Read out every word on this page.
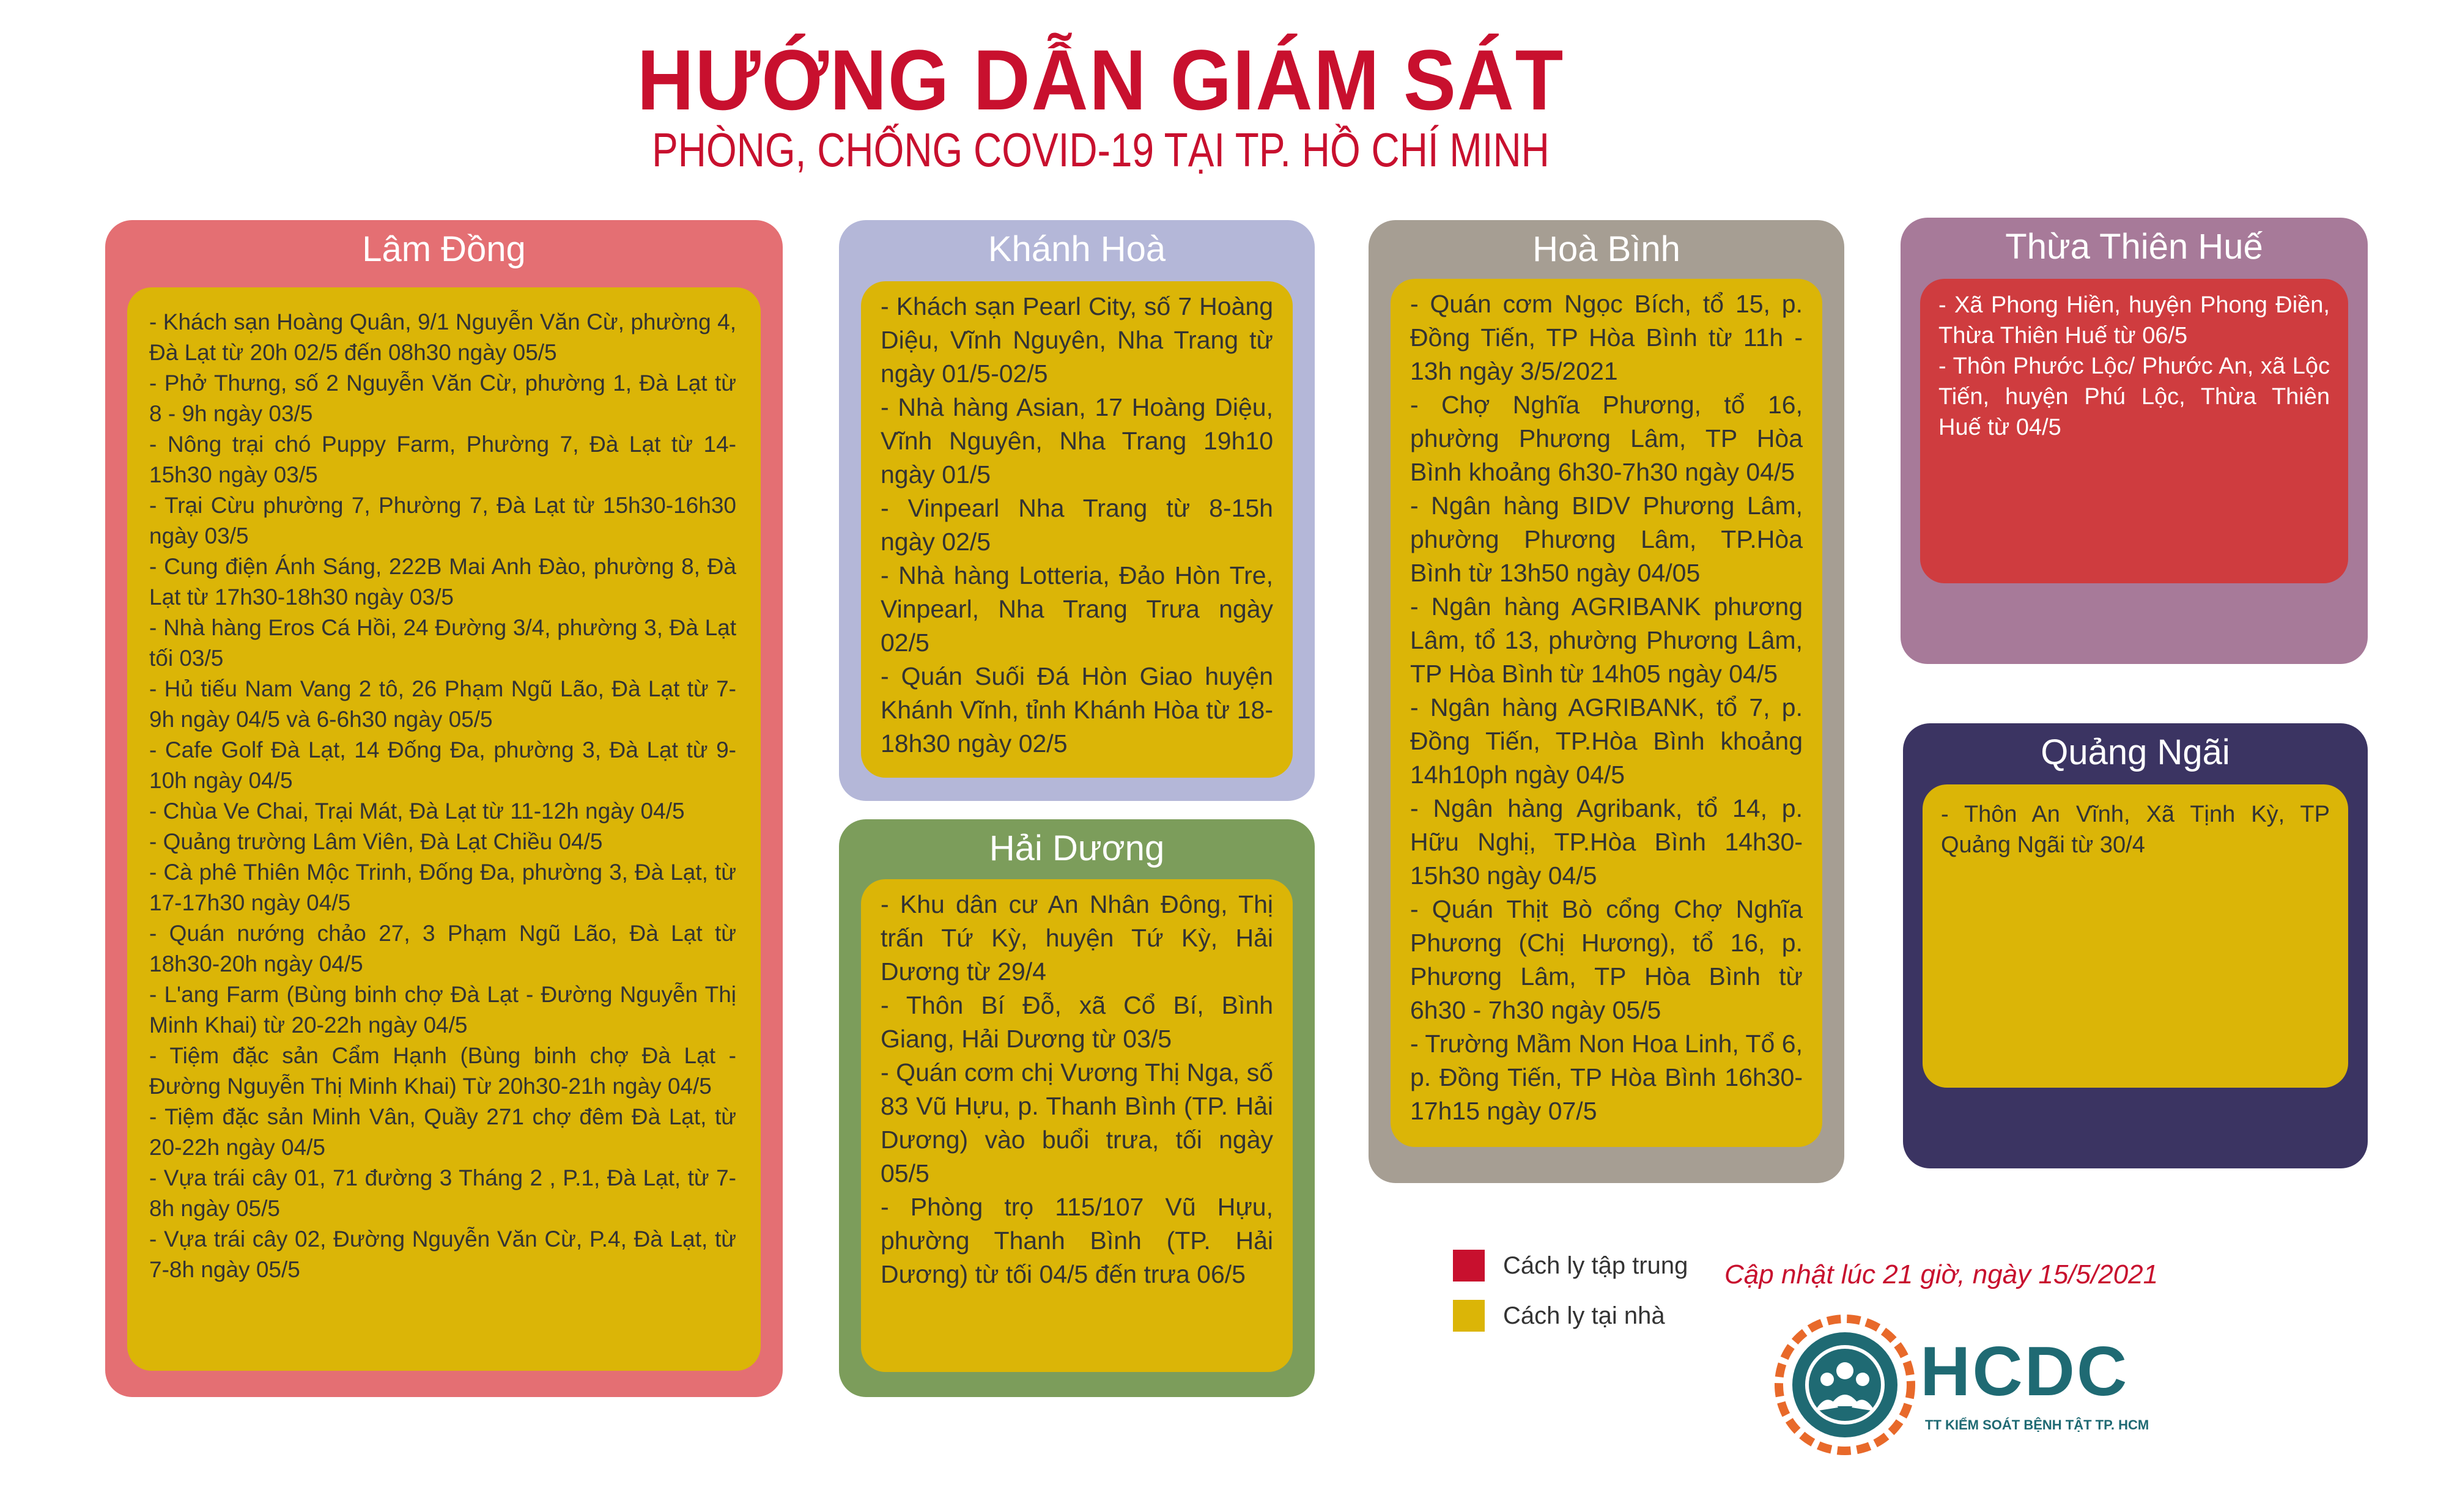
HƯỚNG DẪN GIÁM SÁT
PHÒNG, CHỐNG COVID-19 TẠI TP. HỒ CHÍ MINH
Lâm Đồng
- Khách sạn Hoàng Quân, 9/1 Nguyễn Văn Cừ, phường 4, Đà Lạt từ 20h 02/5 đến 08h30 ngày 05/5
- Phở Thưng, số 2 Nguyễn Văn Cừ, phường 1, Đà Lạt từ 8 - 9h ngày 03/5
- Nông trại chó Puppy Farm, Phường 7, Đà Lạt từ 14-15h30 ngày 03/5
- Trại Cừu phường 7, Phường 7, Đà Lạt từ 15h30-16h30 ngày 03/5
- Cung điện Ánh Sáng, 222B Mai Anh Đào, phường 8, Đà Lạt từ 17h30-18h30 ngày 03/5
- Nhà hàng Eros Cá Hồi, 24 Đường 3/4, phường 3, Đà Lạt tối 03/5
- Hủ tiếu Nam Vang 2 tô, 26 Phạm Ngũ Lão, Đà Lạt từ 7-9h ngày 04/5 và 6-6h30 ngày 05/5
- Cafe Golf Đà Lạt, 14 Đống Đa, phường 3, Đà Lạt từ 9-10h ngày 04/5
- Chùa Ve Chai, Trại Mát, Đà Lạt từ 11-12h ngày 04/5
- Quảng trường Lâm Viên, Đà Lạt Chiều 04/5
- Cà phê Thiên Mộc Trinh, Đống Đa, phường 3, Đà Lạt, từ 17-17h30 ngày 04/5
- Quán nướng chảo 27, 3 Phạm Ngũ Lão, Đà Lạt từ 18h30-20h ngày 04/5
- L'ang Farm (Bùng binh chợ Đà Lạt - Đường Nguyễn Thị Minh Khai) từ 20-22h ngày 04/5
- Tiệm đặc sản Cẩm Hạnh (Bùng binh chợ Đà Lạt - Đường Nguyễn Thị Minh Khai) Từ 20h30-21h ngày 04/5
- Tiệm đặc sản Minh Vân, Quầy 271 chợ đêm Đà Lạt, từ 20-22h ngày 04/5
- Vựa trái cây 01, 71 đường 3 Tháng 2 , P.1, Đà Lạt, từ 7-8h ngày 05/5
- Vựa trái cây 02, Đường Nguyễn Văn Cừ, P.4, Đà Lạt, từ 7-8h ngày 05/5
Khánh Hoà
- Khách sạn Pearl City, số 7 Hoàng Diệu, Vĩnh Nguyên, Nha Trang từ ngày 01/5-02/5
- Nhà hàng Asian, 17 Hoàng Diệu, Vĩnh Nguyên, Nha Trang 19h10 ngày 01/5
- Vinpearl Nha Trang từ 8-15h ngày 02/5
- Nhà hàng Lotteria, Đảo Hòn Tre, Vinpearl, Nha Trang Trưa ngày 02/5
- Quán Suối Đá Hòn Giao huyện Khánh Vĩnh, tỉnh Khánh Hòa từ 18-18h30 ngày 02/5
Hải Dương
- Khu dân cư An Nhân Đông, Thị trấn Tứ Kỳ, huyện Tứ Kỳ, Hải Dương từ 29/4
- Thôn Bí Đỗ, xã Cổ Bí, Bình Giang, Hải Dương từ 03/5
- Quán cơm chị Vương Thị Nga, số 83 Vũ Hựu, p. Thanh Bình (TP. Hải Dương) vào buổi trưa, tối ngày 05/5
- Phòng trọ 115/107 Vũ Hựu, phường Thanh Bình (TP. Hải Dương) từ tối 04/5 đến trưa 06/5
Hoà Bình
- Quán cơm Ngọc Bích, tổ 15, p. Đồng Tiến, TP Hòa Bình từ 11h - 13h ngày 3/5/2021
- Chợ Nghĩa Phương, tổ 16, phường Phương Lâm, TP Hòa Bình khoảng 6h30-7h30 ngày 04/5
- Ngân hàng BIDV Phương Lâm, phường Phương Lâm, TP.Hòa Bình từ 13h50 ngày 04/05
- Ngân hàng AGRIBANK phương Lâm, tổ 13, phường Phương Lâm, TP Hòa Bình từ 14h05 ngày 04/5
- Ngân hàng AGRIBANK, tổ 7, p. Đồng Tiến, TP.Hòa Bình khoảng 14h10ph ngày 04/5
- Ngân hàng Agribank, tổ 14, p. Hữu Nghị, TP.Hòa Bình 14h30-15h30 ngày 04/5
- Quán Thịt Bò cổng Chợ Nghĩa Phương (Chị Hương), tổ 16, p. Phương Lâm, TP Hòa Bình từ 6h30 - 7h30 ngày 05/5
- Trường Mầm Non Hoa Linh, Tổ 6, p. Đồng Tiến, TP Hòa Bình 16h30-17h15 ngày 07/5
Thừa Thiên Huế
- Xã Phong Hiền, huyện Phong Điền, Thừa Thiên Huế từ 06/5
- Thôn Phước Lộc/ Phước An, xã Lộc Tiến, huyện Phú Lộc, Thừa Thiên Huế từ 04/5
Quảng Ngãi
- Thôn An Vĩnh, Xã Tịnh Kỳ, TP Quảng Ngãi từ 30/4
Cách ly tập trung
Cách ly tại nhà
Cập nhật lúc 21 giờ, ngày 15/5/2021
HCDC
TT KIỂM SOÁT BỆNH TẬT TP. HCM
